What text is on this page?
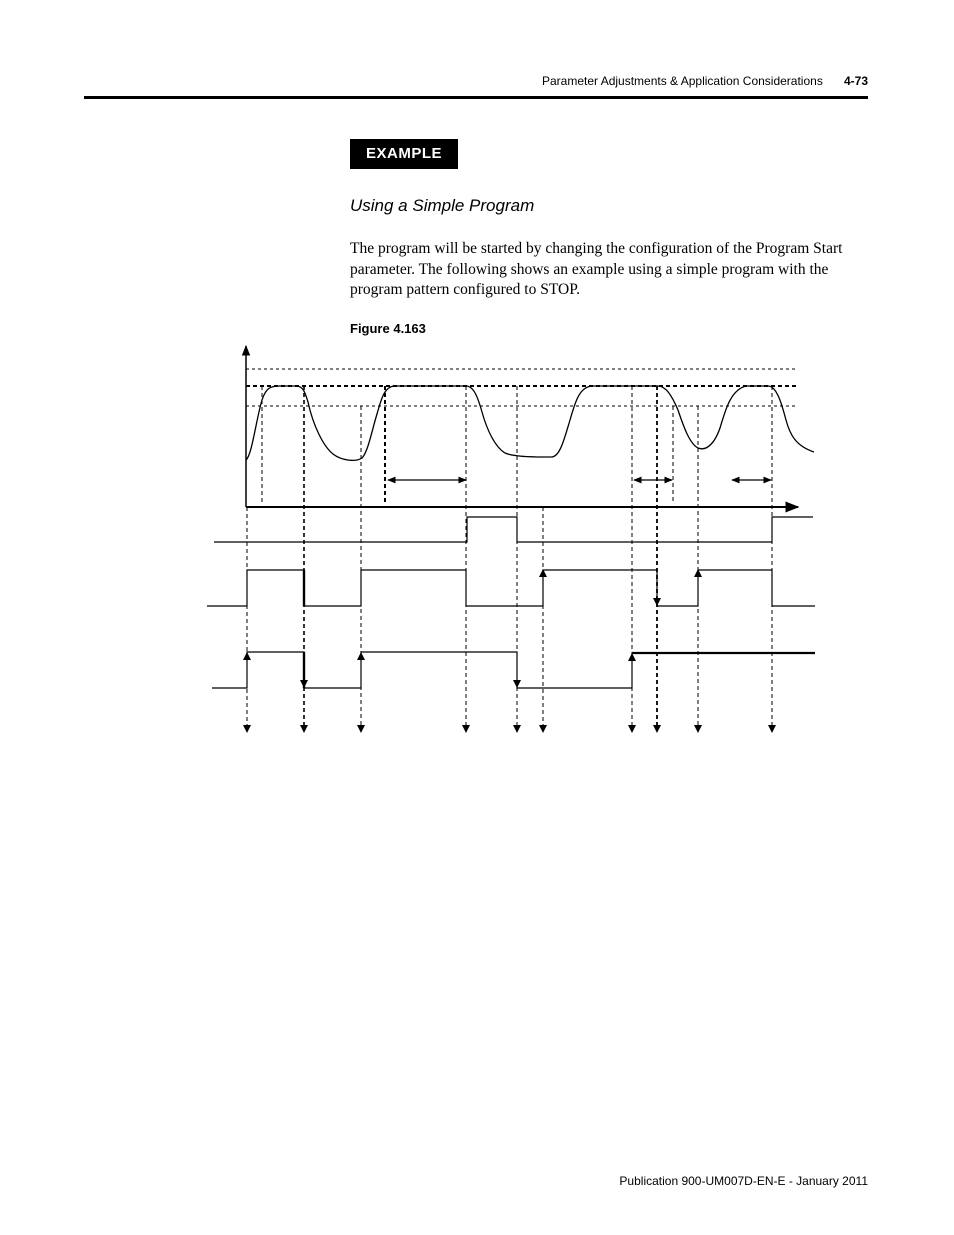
Parameter Adjustments & Application Considerations 4-73
EXAMPLE
Using a Simple Program
The program will be started by changing the configuration of the Program Start parameter. The following shows an example using a simple program with the program pattern configured to STOP.
Figure 4.163
Publication 900-UM007D-EN-E - January 2011
